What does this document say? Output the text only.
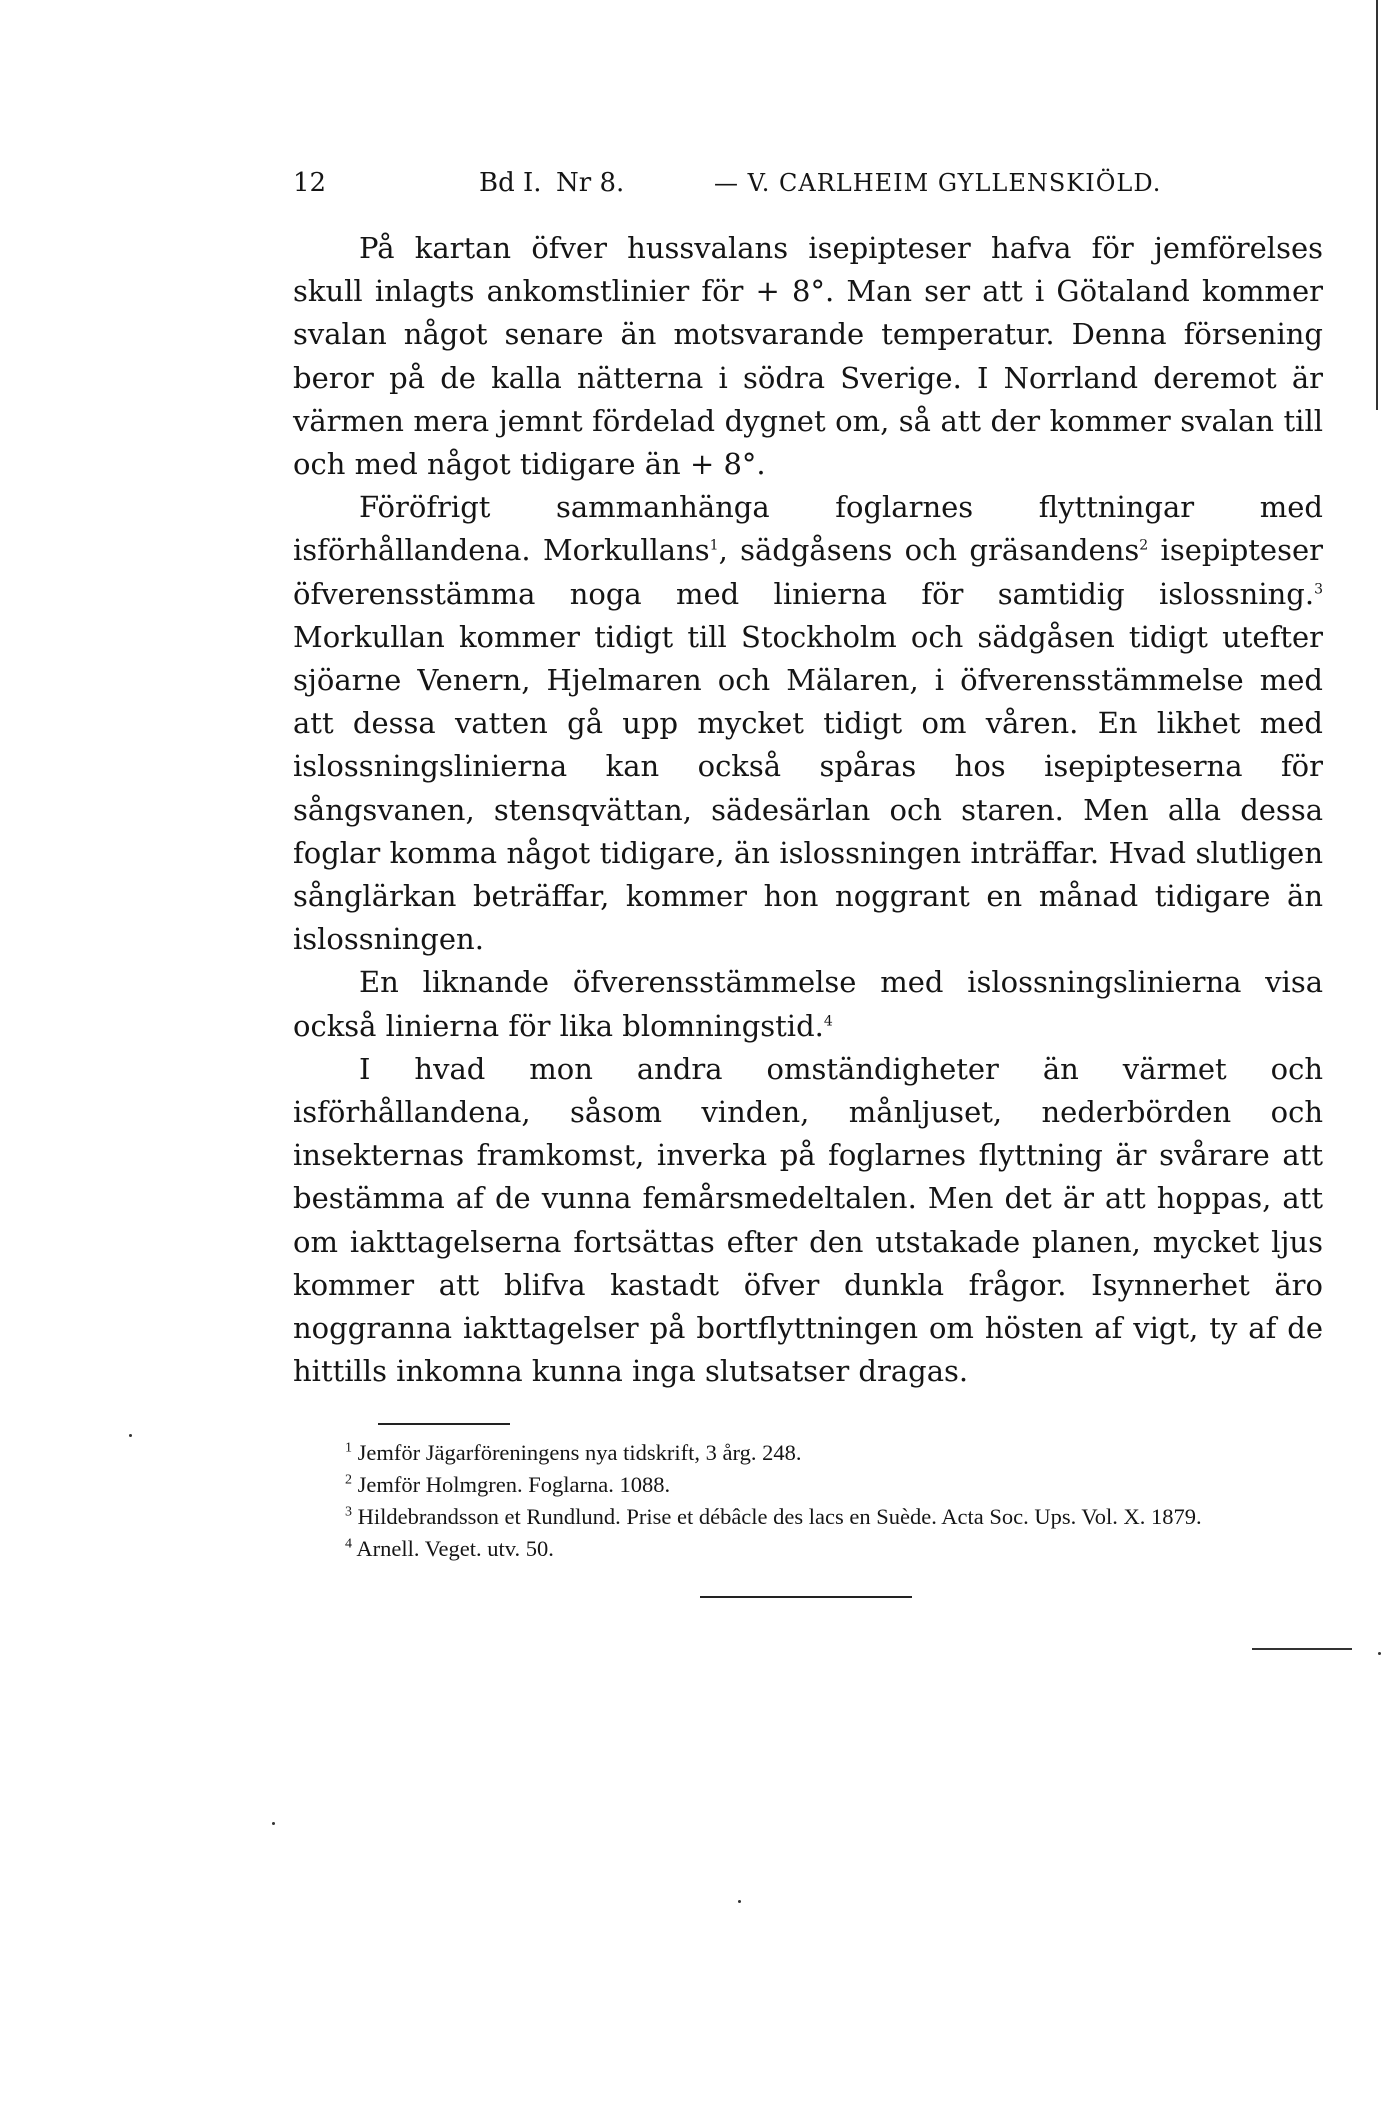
12	Bd I. Nr 8.	— V. CARLHEIM GYLLENSKIÖLD.

På kartan öfver hussvalans isepipteser hafva för jemförelses skull inlagts ankomstlinier för + 8°. Man ser att i Götaland kommer svalan något senare än motsvarande temperatur. Denna försening beror på de kalla nätterna i södra Sverige. I Norrland deremot är värmen mera jemnt fördelad dygnet om, så att der kommer svalan till och med något tidigare än + 8°.

Föröfrigt sammanhänga foglarnes flyttningar med isförhållandena. Morkullans$^1$, sädgåsens och gräsandens$^2$ isepipteser öfverensstämma noga med linierna för samtidig islossning.$^3$ Morkullan kommer tidigt till Stockholm och sädgåsen tidigt utefter sjöarne Venern, Hjelmaren och Mälaren, i öfverensstämmelse med att dessa vatten gå upp mycket tidigt om våren. En likhet med islossningslinierna kan också spåras hos isepipteserna för sångsvanen, stensqvättan, sädesärlan och staren. Men alla dessa foglar komma något tidigare, än islossningen inträffar. Hvad slutligen sånglärkan beträffar, kommer hon noggrant en månad tidigare än islossningen.

En liknande öfverensstämmelse med islossningslinierna visa också linierna för lika blomningstid.$^4$

I hvad mon andra omständigheter än värmet och isförhållandena, såsom vinden, månljuset, nederbörden och insekternas framkomst, inverka på foglarnes flyttning är svårare att bestämma af de vunna femårsmedeltalen. Men det är att hoppas, att om iakttagelserna fortsättas efter den utstakade planen, mycket ljus kommer att blifva kastadt öfver dunkla frågor. Isynnerhet äro noggranna iakttagelser på bortflyttningen om hösten af vigt, ty af de hittills inkomna kunna inga slutsatser dragas.

$^1$ Jemför Jägarföreningens nya tidskrift, 3 årg. 248.

$^2$ Jemför Holmgren. Foglarna. 1088.

$^3$ Hildebrandsson et Rundlund. Prise et débâcle des lacs en Suède. Acta Soc. Ups. Vol. X. 1879.

$^4$ Arnell. Veget. utv. 50.
